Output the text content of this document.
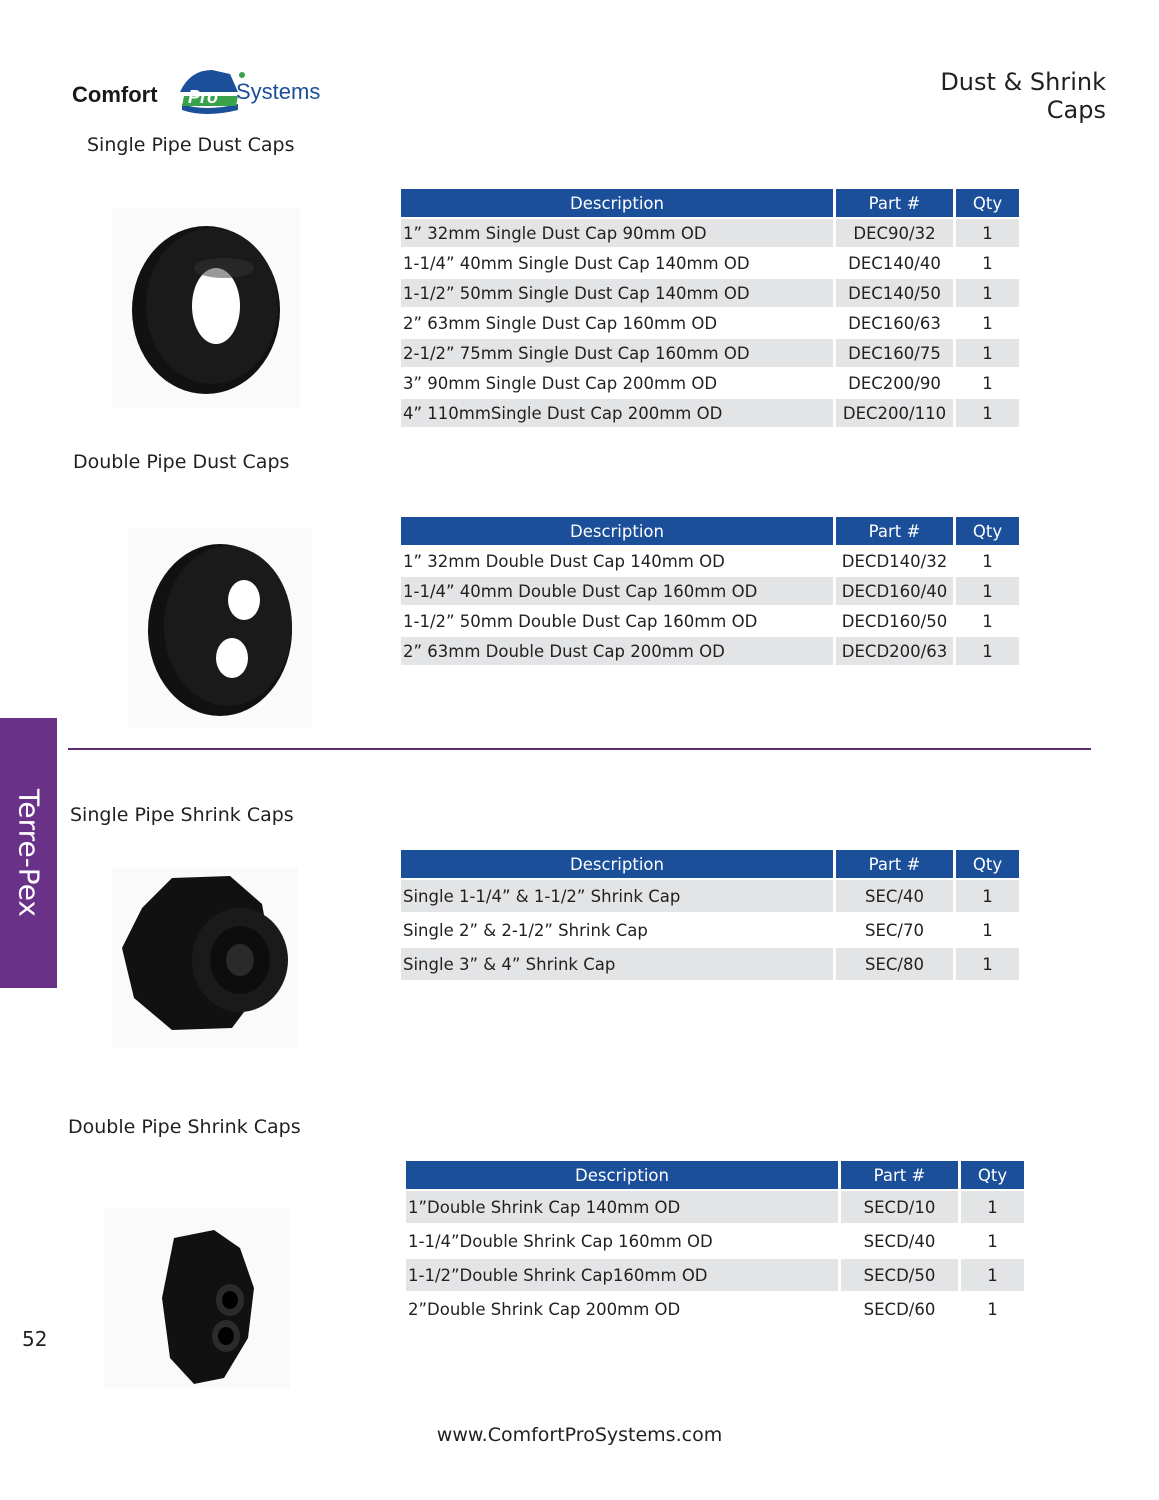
Comfort Pro Systems	Dust & Shrink Caps
Single Pipe Dust Caps
Description	Part #	Qty
1” 32mm Single Dust Cap 90mm OD	DEC90/32	1
1-1/4” 40mm Single Dust Cap 140mm OD	DEC140/40	1
1-1/2” 50mm Single Dust Cap 140mm OD	DEC140/50	1
2” 63mm Single Dust Cap 160mm OD	DEC160/63	1
2-1/2” 75mm Single Dust Cap 160mm OD	DEC160/75	1
3” 90mm Single Dust Cap 200mm OD	DEC200/90	1
4” 110mmSingle Dust Cap 200mm OD	DEC200/110	1
Double Pipe Dust Caps
Description	Part #	Qty
1” 32mm Double Dust Cap 140mm OD	DECD140/32	1
1-1/4” 40mm Double Dust Cap 160mm OD	DECD160/40	1
1-1/2” 50mm Double Dust Cap 160mm OD	DECD160/50	1
2” 63mm Double Dust Cap 200mm OD	DECD200/63	1
Terre-Pex Single Pipe Shrink Caps
Description	Part #	Qty
Single 1-1/4” & 1-1/2” Shrink Cap	SEC/40	1
Single 2” & 2-1/2” Shrink Cap	SEC/70	1
Single 3” & 4” Shrink Cap	SEC/80	1
Double Pipe Shrink Caps
Description	Part #	Qty
1”Double Shrink Cap 140mm OD	SECD/10	1
1-1/4”Double Shrink Cap 160mm OD	SECD/40	1
1-1/2”Double Shrink Cap160mm OD	SECD/50	1
2”Double Shrink Cap 200mm OD	SECD/60	1
52
www.ComfortProSystems.com
